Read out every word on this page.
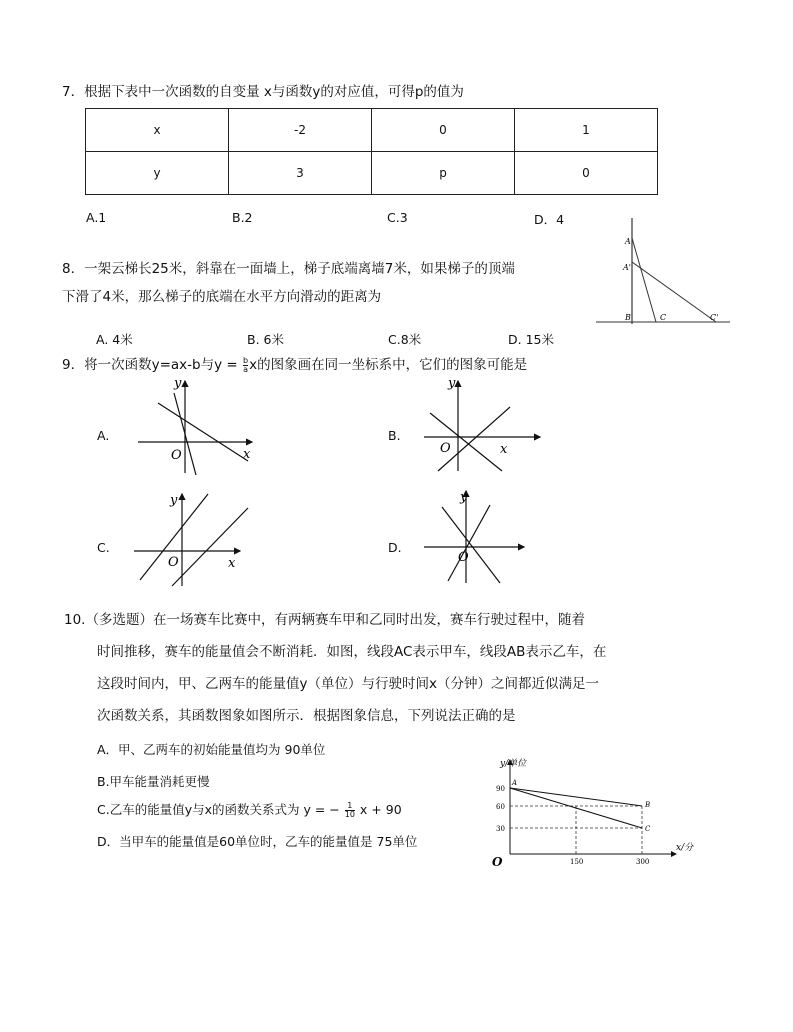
7．根据下表中一次函数的自变量 x与函数y的对应值，可得p的值为
x	-2	0	1
y	3	p	0
A.1	B.2	C.3	D．4
8．一架云梯长25米，斜靠在一面墙上，梯子底端离墙7米，如果梯子的顶端
下滑了4米，那么梯子的底端在水平方向滑动的距离为
A. 4米	B. 6米	C.8米	D. 15米
A
A'
B	C	C'
9．将一次函数y=ax-b与$y = \frac{b}{a}$ x的图象画在同一坐标系中，它们的图象可能是
A.	B.
C.	D.
y
x
O
y
x
O
y
x
O
y
O
10.（多选题）在一场赛车比赛中，有两辆赛车甲和乙同时出发，赛车行驶过程中，随着
时间推移，赛车的能量值会不断消耗．如图，线段AC表示甲车，线段AB表示乙车，在
这段时间内，甲、乙两车的能量值y（单位）与行驶时间x（分钟）之间都近似满足一
次函数关系，其函数图象如图所示．根据图象信息，下列说法正确的是
A．甲、乙两车的初始能量值均为 90单位
B.甲车能量消耗更慢
C.乙车的能量值y与x的函数关系式为 y = − $\frac{1}{10}$ x + 90
D．当甲车的能量值是60单位时，乙车的能量值是 75单位
y/单位
x/分
O
90
60
30
150	300
A
B
C
